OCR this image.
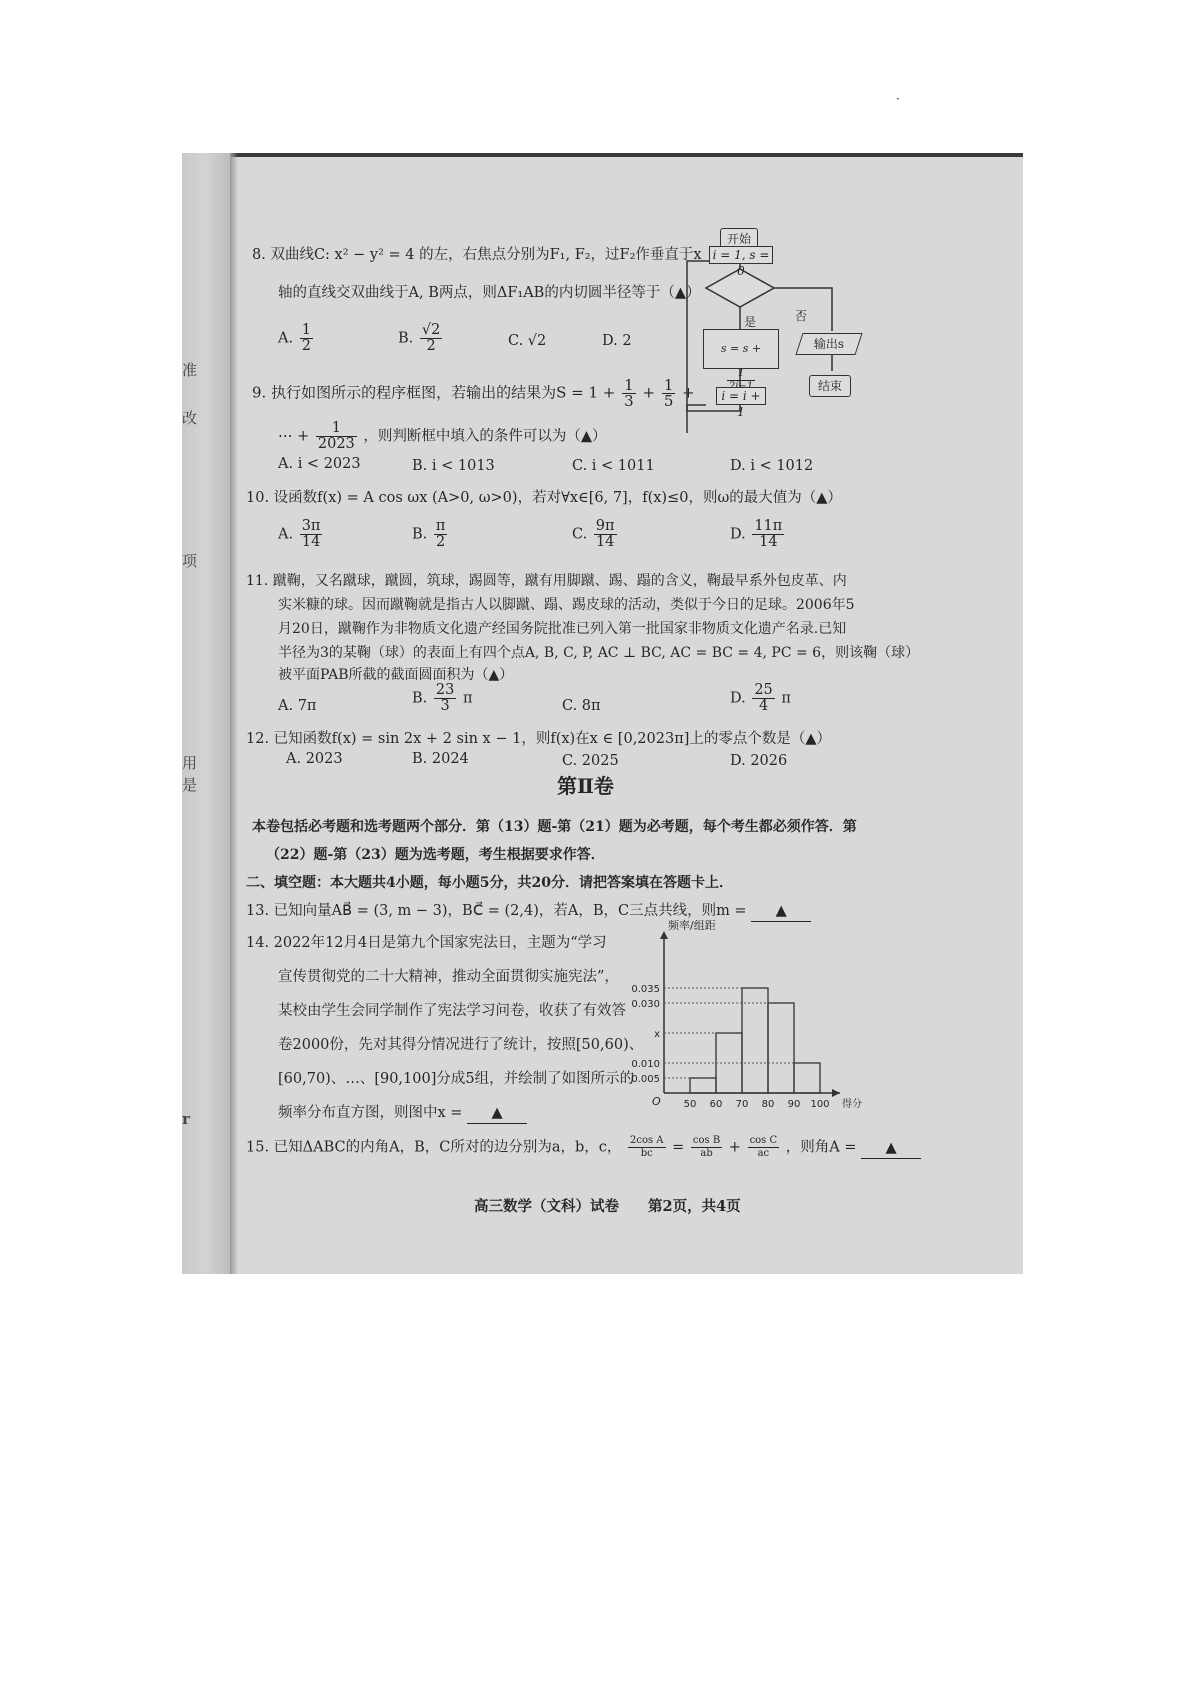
·
准
改
项
用
是
r
8. 双曲线C: x² − y² = 4 的左，右焦点分别为F₁, F₂，过F₂作垂直于x
轴的直线交双曲线于A, B两点，则ΔF₁AB的内切圆半径等于（▲）
A. $\frac{1}{2}$	B. $\frac{√2}{2}$	C. √2	D. 2
9. 执行如图所示的程序框图，若输出的结果为$S = 1 + \frac{1}{3} + \frac{1}{5}$ +
⋯ + $\frac{1}{2023}$ ，则判断框中填入的条件可以为（▲）
A. i < 2023	B. i < 1013	C. i < 1011	D. i < 1012
开始
i = 1, s = 0
否
是
s = s +
1
输出s
结束
i = i + 1
10. 设函数f(x) = A cos ωx (A>0, ω>0)，若对∀x∈[6, 7]，f(x)≤0，则ω的最大值为（▲）
A. $\frac{3\pi}{14}$	B. $\frac{\pi}{2}$	C. $\frac{9\pi}{14}$	D. $\frac{11\pi}{14}$
11. 蹴鞠，又名蹴球，蹴圆，筑球，踢圆等，蹴有用脚蹴、踢、蹋的含义，鞠最早系外包皮革、内
实米糠的球。因而蹴鞠就是指古人以脚蹴、蹋、踢皮球的活动，类似于今日的足球。2006年5
月20日，蹴鞠作为非物质文化遗产经国务院批准已列入第一批国家非物质文化遗产名录.已知
半径为3的某鞠（球）的表面上有四个点A, B, C, P, AC ⊥ BC, AC = BC = 4, PC = 6，则该鞠（球）
被平面PAB所截的截面圆面积为（▲）
A. 7π	B. $\frac{23}{3}$ π	C. 8π	D. $\frac{25}{4}$ π
12. 已知函数f(x) = sin 2x + 2 sin x − 1，则f(x)在x ∈ [0,2023π]上的零点个数是（▲）
A. 2023	B. 2024	C. 2025	D. 2026
第Ⅱ卷
本卷包括必考题和选考题两个部分．第（13）题-第（21）题为必考题，每个考生都必须作答．第
（22）题-第（23）题为选考题，考生根据要求作答．
二、填空题：本大题共4小题，每小题5分，共20分．请把答案填在答题卡上．
13. 已知向量AB⃗ = (3, m − 3)，BC⃗ = (2,4)，若A，B，C三点共线，则m = ▲
14. 2022年12月4日是第九个国家宪法日，主题为“学习
宣传贯彻党的二十大精神，推动全面贯彻实施宪法”，
某校由学生会同学制作了宪法学习问卷，收获了有效答
卷2000份，先对其得分情况进行了统计，按照[50,60)、
[60,70)、…、[90,100]分成5组，并绘制了如图所示的
频率分布直方图，则图中x = ▲
0.005
0.010
x
0.030
0.035
50 60 70 80 90 100
O	得分
频率/组距
15. 已知ΔABC的内角A，B，C所对的边分别为a，b，c， $\frac{\text{2cos A}}{bc} = \frac{\text{cos B}}{ab} + \frac{\text{cos C}}{ac}$ ，则角A = ▲
高三数学（文科）试卷　　第2页，共4页
